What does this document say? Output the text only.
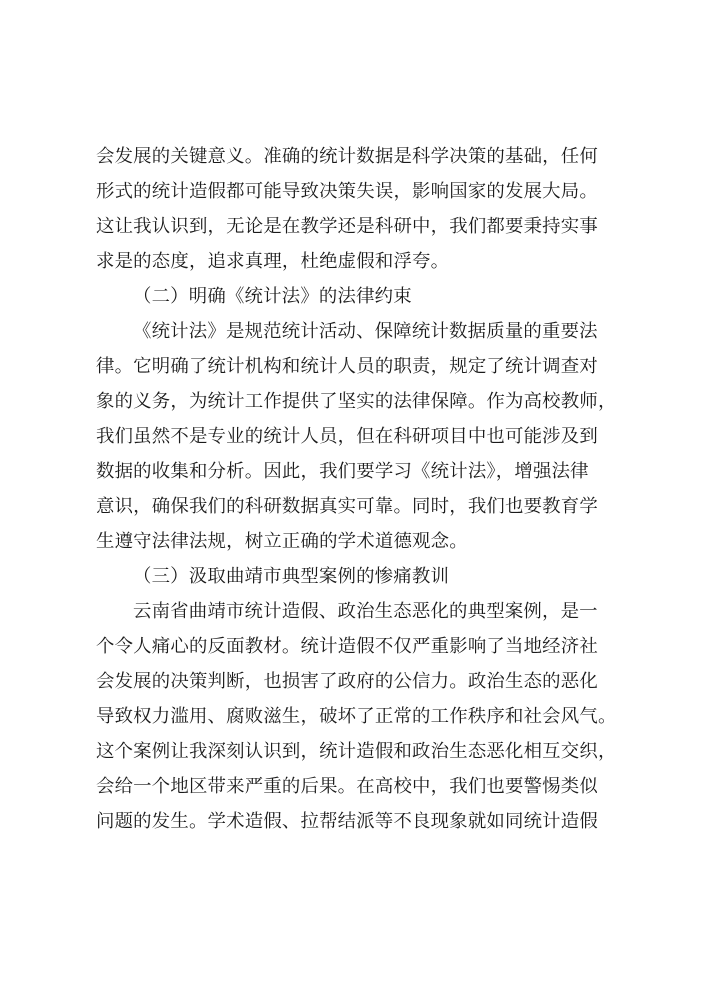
会发展的关键意义。准确的统计数据是科学决策的基础，任何
形式的统计造假都可能导致决策失误，影响国家的发展大局。
这让我认识到，无论是在教学还是科研中，我们都要秉持实事
求是的态度，追求真理，杜绝虚假和浮夸。
（二）明确《统计法》的法律约束
《统计法》是规范统计活动、保障统计数据质量的重要法
律。它明确了统计机构和统计人员的职责，规定了统计调查对
象的义务，为统计工作提供了坚实的法律保障。作为高校教师，
我们虽然不是专业的统计人员，但在科研项目中也可能涉及到
数据的收集和分析。因此，我们要学习《统计法》，增强法律
意识，确保我们的科研数据真实可靠。同时，我们也要教育学
生遵守法律法规，树立正确的学术道德观念。
（三）汲取曲靖市典型案例的惨痛教训
云南省曲靖市统计造假、政治生态恶化的典型案例，是一
个令人痛心的反面教材。统计造假不仅严重影响了当地经济社
会发展的决策判断，也损害了政府的公信力。政治生态的恶化
导致权力滥用、腐败滋生，破坏了正常的工作秩序和社会风气。
这个案例让我深刻认识到，统计造假和政治生态恶化相互交织，
会给一个地区带来严重的后果。在高校中，我们也要警惕类似
问题的发生。学术造假、拉帮结派等不良现象就如同统计造假
